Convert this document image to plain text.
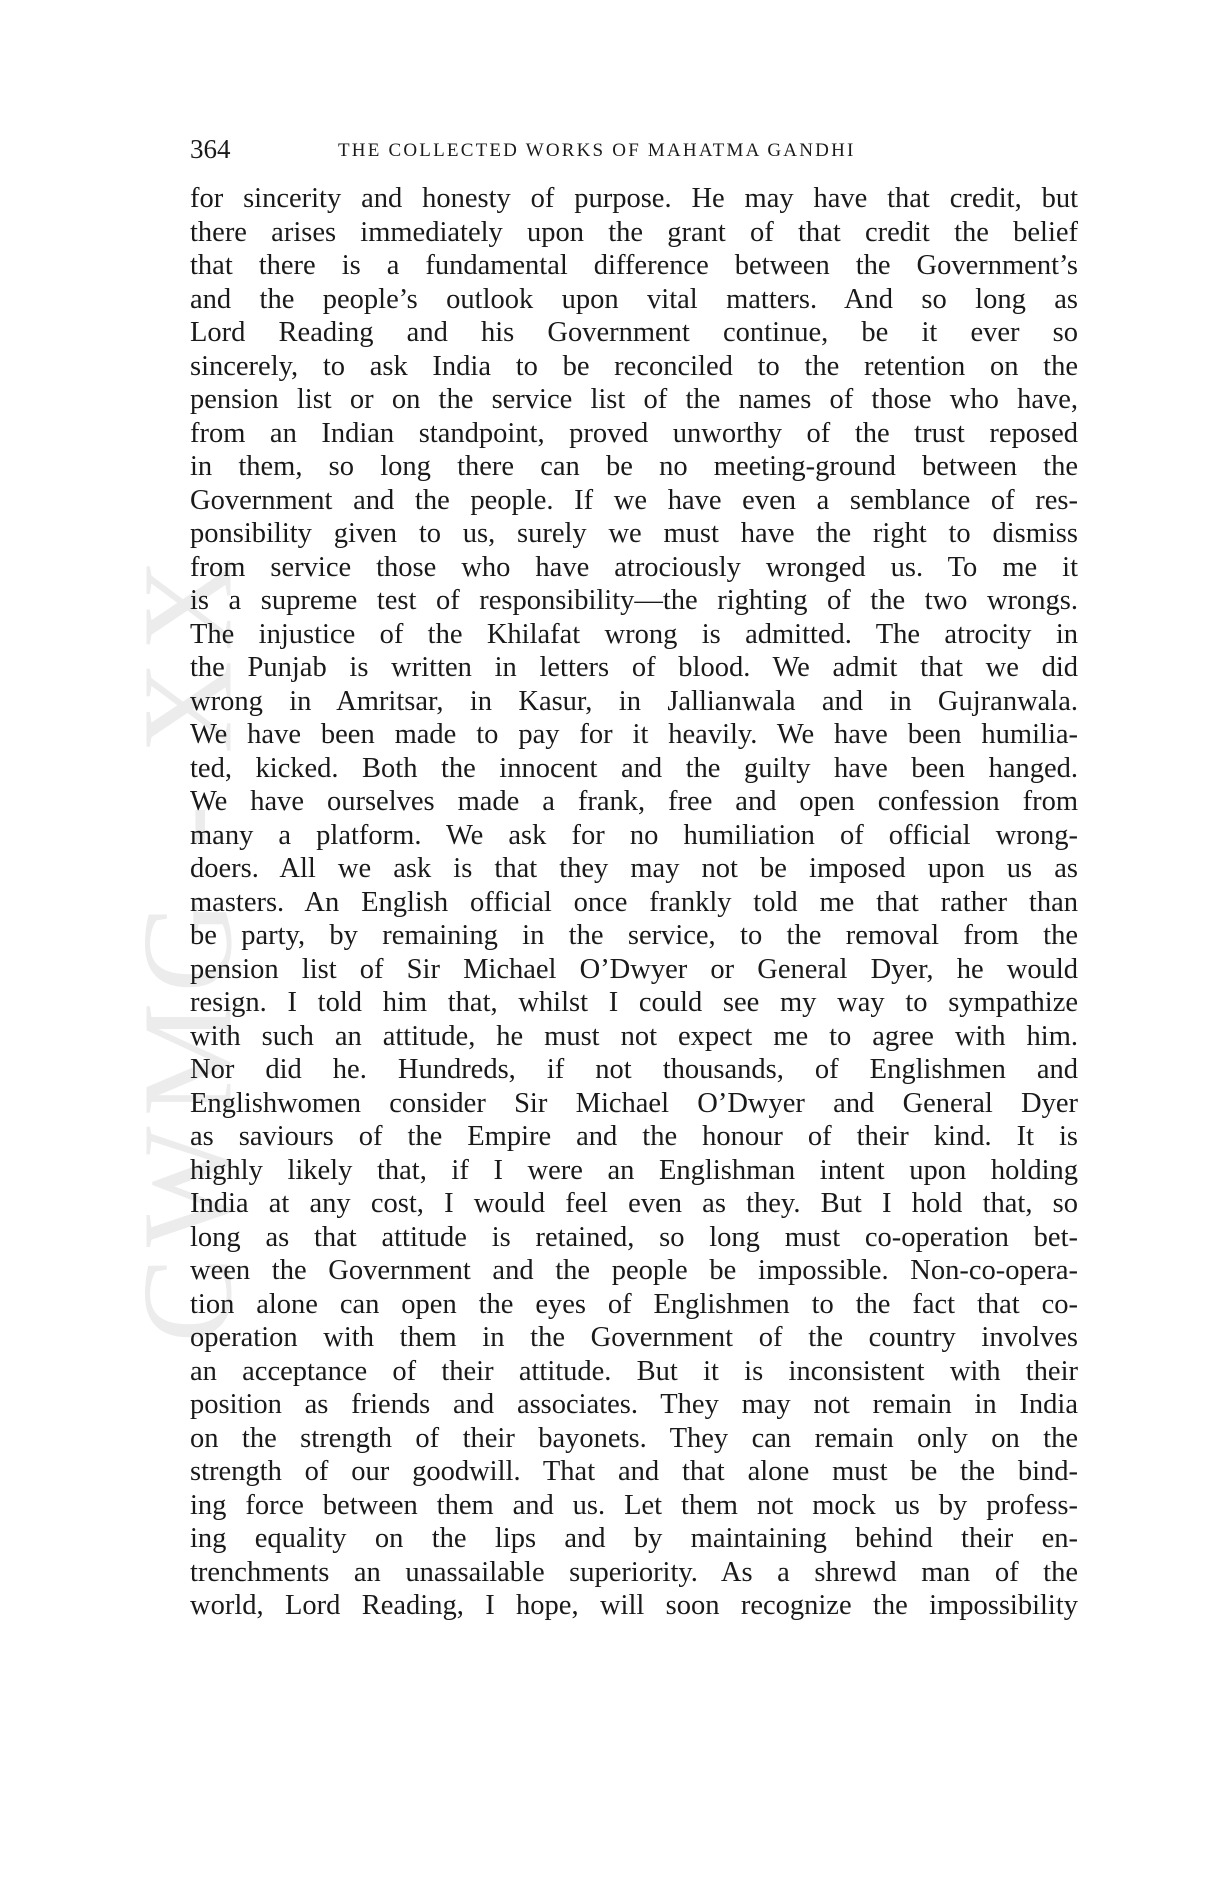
CWMG - XX
364	THE COLLECTED WORKS OF MAHATMA GANDHI
for sincerity and honesty of purpose. He may have that credit, but
there arises immediately upon the grant of that credit the belief
that there is a fundamental difference between the Government’s
and the people’s outlook upon vital matters. And so long as
Lord Reading and his Government continue, be it ever so
sincerely, to ask India to be reconciled to the retention on the
pension list or on the service list of the names of those who have,
from an Indian standpoint, proved unworthy of the trust reposed
in them, so long there can be no meeting-ground between the
Government and the people. If we have even a semblance of res-
ponsibility given to us, surely we must have the right to dismiss
from service those who have atrociously wronged us. To me it
is a supreme test of responsibility—the righting of the two wrongs.
The injustice of the Khilafat wrong is admitted. The atrocity in
the Punjab is written in letters of blood. We admit that we did
wrong in Amritsar, in Kasur, in Jallianwala and in Gujranwala.
We have been made to pay for it heavily. We have been humilia-
ted, kicked. Both the innocent and the guilty have been hanged.
We have ourselves made a frank, free and open confession from
many a platform. We ask for no humiliation of official wrong-
doers. All we ask is that they may not be imposed upon us as
masters. An English official once frankly told me that rather than
be party, by remaining in the service, to the removal from the
pension list of Sir Michael O’Dwyer or General Dyer, he would
resign. I told him that, whilst I could see my way to sympathize
with such an attitude, he must not expect me to agree with him.
Nor did he. Hundreds, if not thousands, of Englishmen and
Englishwomen consider Sir Michael O’Dwyer and General Dyer
as saviours of the Empire and the honour of their kind. It is
highly likely that, if I were an Englishman intent upon holding
India at any cost, I would feel even as they. But I hold that, so
long as that attitude is retained, so long must co-operation bet-
ween the Government and the people be impossible. Non-co-opera-
tion alone can open the eyes of Englishmen to the fact that co-
operation with them in the Government of the country involves
an acceptance of their attitude. But it is inconsistent with their
position as friends and associates. They may not remain in India
on the strength of their bayonets. They can remain only on the
strength of our goodwill. That and that alone must be the bind-
ing force between them and us. Let them not mock us by profess-
ing equality on the lips and by maintaining behind their en-
trenchments an unassailable superiority. As a shrewd man of the
world, Lord Reading, I hope, will soon recognize the impossibility
